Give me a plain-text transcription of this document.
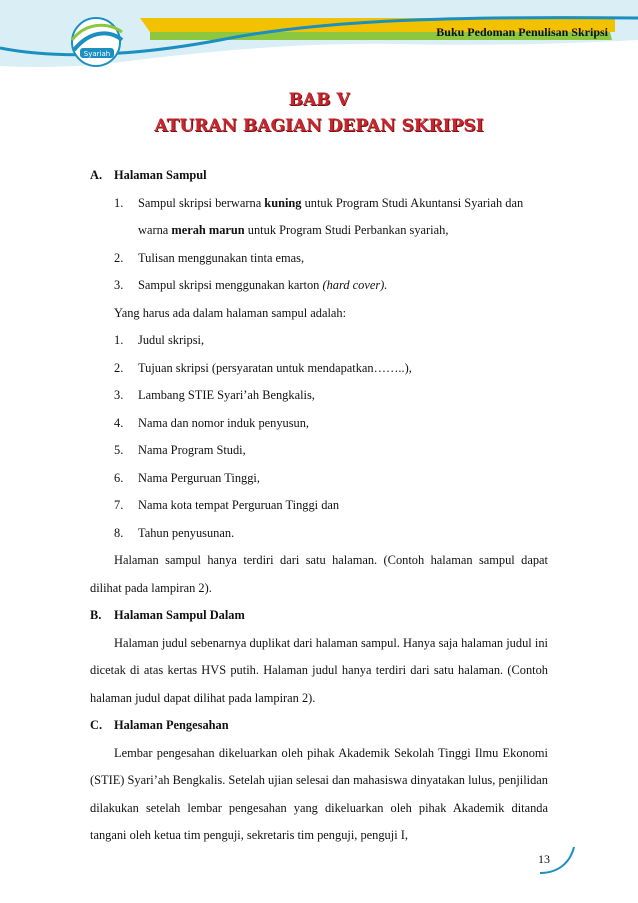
Syariah
Buku Pedoman Penulisan Skripsi
BAB V
ATURAN BAGIAN DEPAN SKRIPSI
A. Halaman Sampul
1.	Sampul skripsi berwarna kuning untuk Program Studi Akuntansi Syariah dan
warna merah marun untuk Program Studi Perbankan syariah,
2.	Tulisan menggunakan tinta emas,
3.	Sampul skripsi menggunakan karton (hard cover).
Yang harus ada dalam halaman sampul adalah:
1.	Judul skripsi,
2.	Tujuan skripsi (persyaratan untuk mendapatkan……..),
3.	Lambang STIE Syari’ah Bengkalis,
4.	Nama dan nomor induk penyusun,
5.	Nama Program Studi,
6.	Nama Perguruan Tinggi,
7.	Nama kota tempat Perguruan Tinggi dan
8.	Tahun penyusunan.
Halaman sampul hanya terdiri dari satu halaman. (Contoh halaman sampul dapat dilihat pada lampiran 2).
B. Halaman Sampul Dalam
Halaman judul sebenarnya duplikat dari halaman sampul. Hanya saja halaman judul ini dicetak di atas kertas HVS putih. Halaman judul hanya terdiri dari satu halaman. (Contoh halaman judul dapat dilihat pada lampiran 2).
C. Halaman Pengesahan
Lembar pengesahan dikeluarkan oleh pihak Akademik Sekolah Tinggi Ilmu Ekonomi (STIE) Syari’ah Bengkalis. Setelah ujian selesai dan mahasiswa dinyatakan lulus, penjilidan dilakukan setelah lembar pengesahan yang dikeluarkan oleh pihak Akademik ditanda tangani oleh ketua tim penguji, sekretaris tim penguji, penguji I,
13
